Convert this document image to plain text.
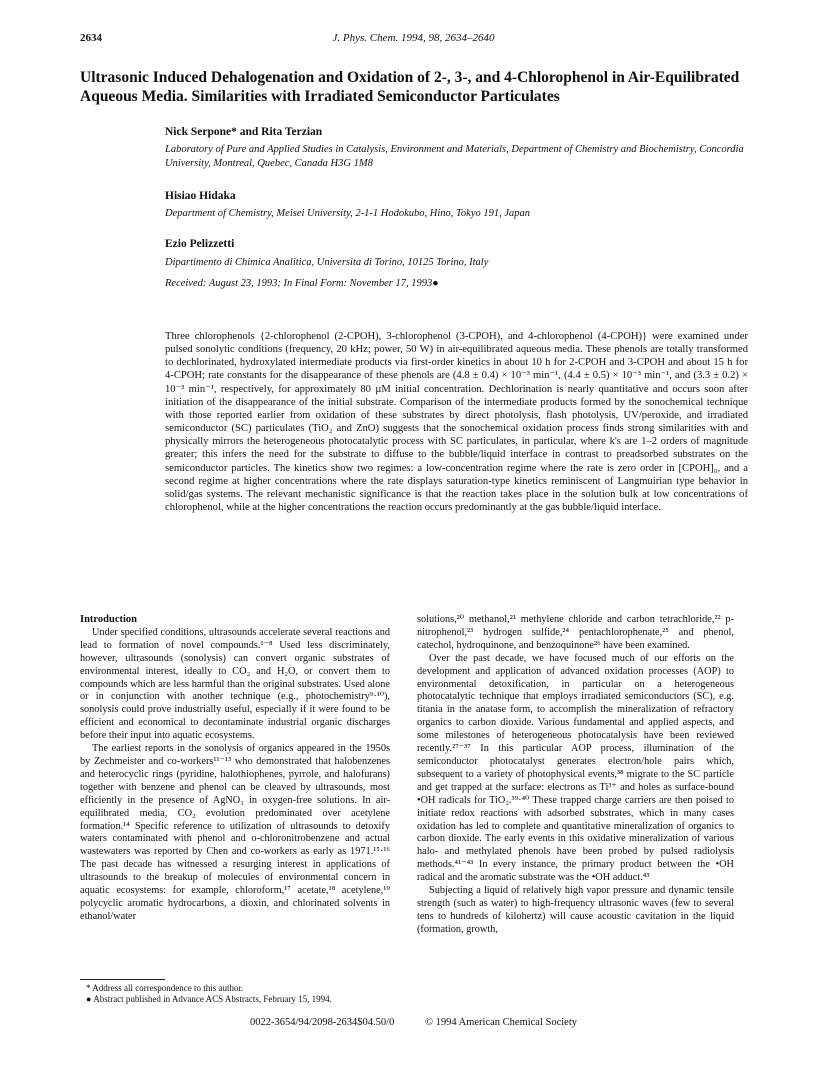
2634	J. Phys. Chem. 1994, 98, 2634–2640
Ultrasonic Induced Dehalogenation and Oxidation of 2-, 3-, and 4-Chlorophenol in Air-Equilibrated Aqueous Media. Similarities with Irradiated Semiconductor Particulates
Nick Serpone* and Rita Terzian
Laboratory of Pure and Applied Studies in Catalysis, Environment and Materials, Department of Chemistry and Biochemistry, Concordia University, Montreal, Quebec, Canada H3G 1M8
Hisiao Hidaka
Department of Chemistry, Meisei University, 2-1-1 Hodokubo, Hino, Tokyo 191, Japan
Ezio Pelizzetti
Dipartimento di Chimica Analitica, Universita di Torino, 10125 Torino, Italy
Received: August 23, 1993; In Final Form: November 17, 1993●
Three chlorophenols {2-chlorophenol (2-CPOH), 3-chlorophenol (3-CPOH), and 4-chlorophenol (4-CPOH)} were examined under pulsed sonolytic conditions (frequency, 20 kHz; power, 50 W) in air-equilibrated aqueous media. These phenols are totally transformed to dechlorinated, hydroxylated intermediate products via first-order kinetics in about 10 h for 2-CPOH and 3-CPOH and about 15 h for 4-CPOH; rate constants for the disappearance of these phenols are (4.8 ± 0.4) × 10⁻³ min⁻¹, (4.4 ± 0.5) × 10⁻³ min⁻¹, and (3.3 ± 0.2) × 10⁻³ min⁻¹, respectively, for approximately 80 µM initial concentration. Dechlorination is nearly quantitative and occurs soon after initiation of the disappearance of the initial substrate. Comparison of the intermediate products formed by the sonochemical technique with those reported earlier from oxidation of these substrates by direct photolysis, flash photolysis, UV/peroxide, and irradiated semiconductor (SC) particulates (TiO₂ and ZnO) suggests that the sonochemical oxidation process finds strong similarities with and physically mirrors the heterogeneous photocatalytic process with SC particulates, in particular, where k's are 1–2 orders of magnitude greater; this infers the need for the substrate to diffuse to the bubble/liquid interface in contrast to preadsorbed substrates on the semiconductor particles. The kinetics show two regimes: a low-concentration regime where the rate is zero order in [CPOH]₀, and a second regime at higher concentrations where the rate displays saturation-type kinetics reminiscent of Langmuirian type behavior in solid/gas systems. The relevant mechanistic significance is that the reaction takes place in the solution bulk at low concentrations of chlorophenol, while at the higher concentrations the reaction occurs predominantly at the gas bubble/liquid interface.

Introduction

Under specified conditions, ultrasounds accelerate several reactions and lead to formation of novel compounds.¹⁻⁸ Used less discriminately, however, ultrasounds (sonolysis) can convert organic substrates of environmental interest, ideally to CO₂ and H₂O, or convert them to compounds which are less harmful than the original substrates. Used alone or in conjunction with another technique (e.g., photochemistry⁹·¹⁰), sonolysis could prove industrially useful, especially if it were found to be efficient and economical to decontaminate industrial organic discharges before their input into aquatic ecosystems.

The earliest reports in the sonolysis of organics appeared in the 1950s by Zechmeister and co-workers¹¹⁻¹³ who demonstrated that halobenzenes and heterocyclic rings (pyridine, halothiophenes, pyrrole, and halofurans) together with benzene and phenol can be cleaved by ultrasounds, most efficiently in the presence of AgNO₃ in oxygen-free solutions. In air-equilibrated media, CO₂ evolution predominated over acetylene formation.¹⁴ Specific reference to utilization of ultrasounds to detoxify waters contaminated with phenol and o-chloronitrobenzene and actual wastewaters was reported by Chen and co-workers as early as 1971.¹⁵·¹⁶ The past decade has witnessed a resurging interest in applications of ultrasounds to the breakup of molecules of environmental concern in aquatic ecosystems: for example, chloroform,¹⁷ acetate,¹⁸ acetylene,¹⁹ polycyclic aromatic hydrocarbons, a dioxin, and chlorinated solvents in ethanol/water

solutions,²⁰ methanol,²¹ methylene chloride and carbon tetrachloride,²² p-nitrophenol,²³ hydrogen sulfide,²⁴ pentachlorophenate,²⁵ and phenol, catechol, hydroquinone, and benzoquinone²⁶ have been examined.

Over the past decade, we have focused much of our efforts on the development and application of advanced oxidation processes (AOP) to environmental detoxification, in particular on a heterogeneous photocatalytic technique that employs irradiated semiconductors (SC), e.g. titania in the anatase form, to accomplish the mineralization of refractory organics to carbon dioxide. Various fundamental and applied aspects, and some milestones of heterogeneous photocatalysis have been reviewed recently.²⁷⁻³⁷ In this particular AOP process, illumination of the semiconductor photocatalyst generates electron/hole pairs which, subsequent to a variety of photophysical events,³⁸ migrate to the SC particle and get trapped at the surface: electrons as Ti³⁺ and holes as surface-bound •OH radicals for TiO₂.³⁹·⁴⁰ These trapped charge carriers are then poised to initiate redox reactions with adsorbed substrates, which in many cases oxidation has led to complete and quantitative mineralization of organics to carbon dioxide. The early events in this oxidative mineralization of various halo- and methylated phenols have been probed by pulsed radiolysis methods.⁴¹⁻⁴³ In every instance, the primary product between the •OH radical and the aromatic substrate was the •OH adduct.⁴³

Subjecting a liquid of relatively high vapor pressure and dynamic tensile strength (such as water) to high-frequency ultrasonic waves (few to several tens to hundreds of kilohertz) will cause acoustic cavitation in the liquid (formation, growth,

* Address all correspondence to this author.
● Abstract published in Advance ACS Abstracts, February 15, 1994.
0022-3654/94/2098-2634$04.50/0	© 1994 American Chemical Society
